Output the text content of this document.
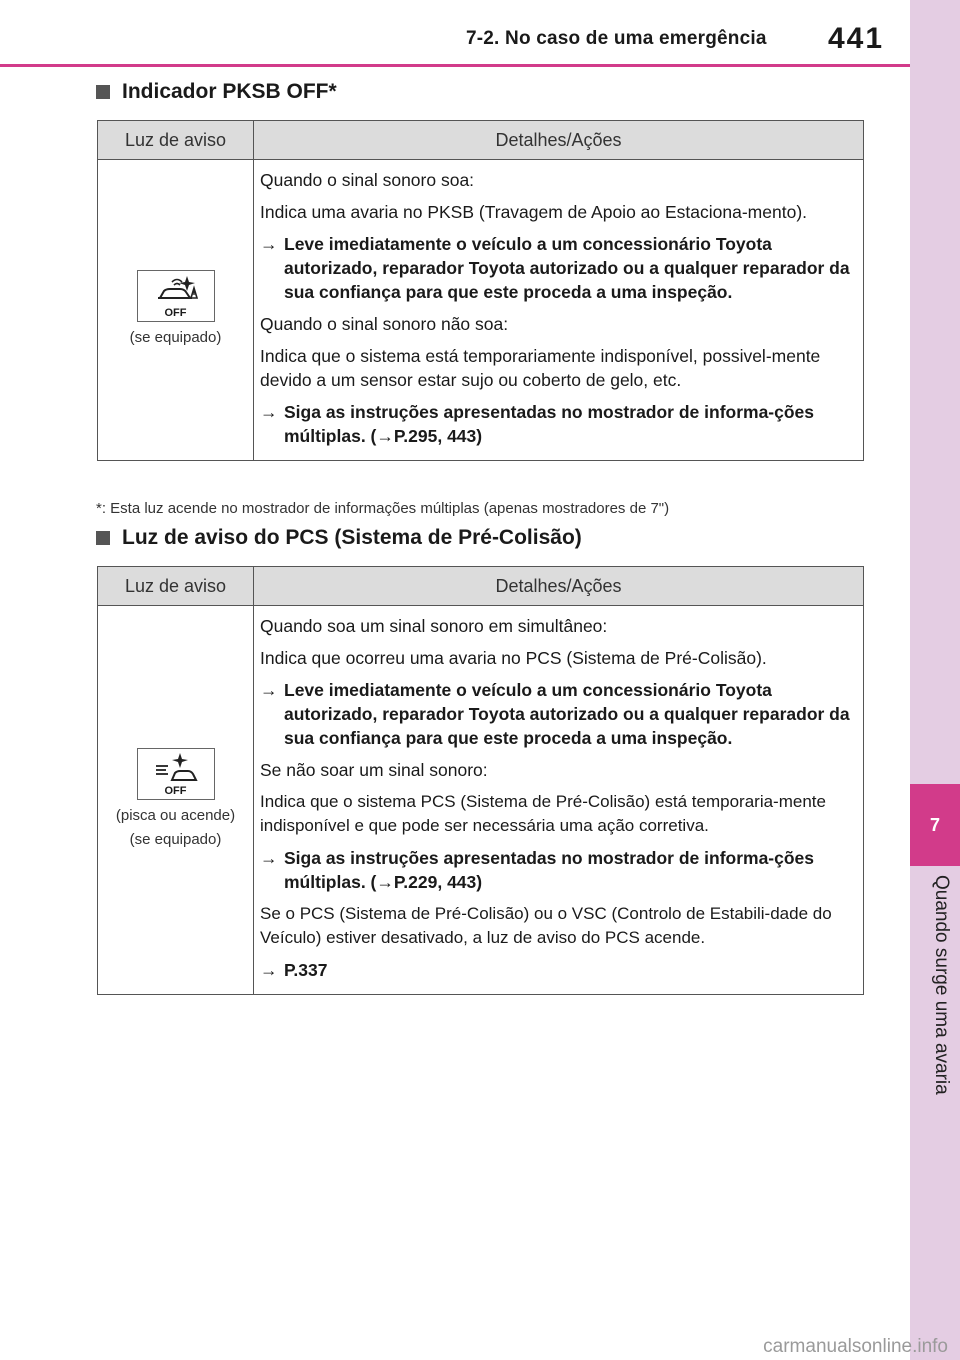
7-2. No caso de uma emergência 441
7
Quando surge uma avaria
Indicador PKSB OFF*
Luz de aviso	Detalhes/Ações
OFF
(se equipado)

Quando o sinal sonoro soa:

Indica uma avaria no PKSB (Travagem de Apoio ao Estaciona-mento).

→ Leve imediatamente o veículo a um concessionário Toyota autorizado, reparador Toyota autorizado ou a qualquer reparador da sua confiança para que este proceda a uma inspeção.

Quando o sinal sonoro não soa:

Indica que o sistema está temporariamente indisponível, possivel-mente devido a um sensor estar sujo ou coberto de gelo, etc.

→ Siga as instruções apresentadas no mostrador de informa-ções múltiplas. (→P.295, 443)
*: Esta luz acende no mostrador de informações múltiplas (apenas mostradores de 7")
Luz de aviso do PCS (Sistema de Pré-Colisão)
Luz de aviso	Detalhes/Ações
OFF
(pisca ou acende)
(se equipado)

Quando soa um sinal sonoro em simultâneo:

Indica que ocorreu uma avaria no PCS (Sistema de Pré-Colisão).

→ Leve imediatamente o veículo a um concessionário Toyota autorizado, reparador Toyota autorizado ou a qualquer reparador da sua confiança para que este proceda a uma inspeção.

Se não soar um sinal sonoro:

Indica que o sistema PCS (Sistema de Pré-Colisão) está temporaria-mente indisponível e que pode ser necessária uma ação corretiva.

→ Siga as instruções apresentadas no mostrador de informa-ções múltiplas. (→P.229, 443)

Se o PCS (Sistema de Pré-Colisão) ou o VSC (Controlo de Estabili-dade do Veículo) estiver desativado, a luz de aviso do PCS acende.

→ P.337
carmanualsonline.info
